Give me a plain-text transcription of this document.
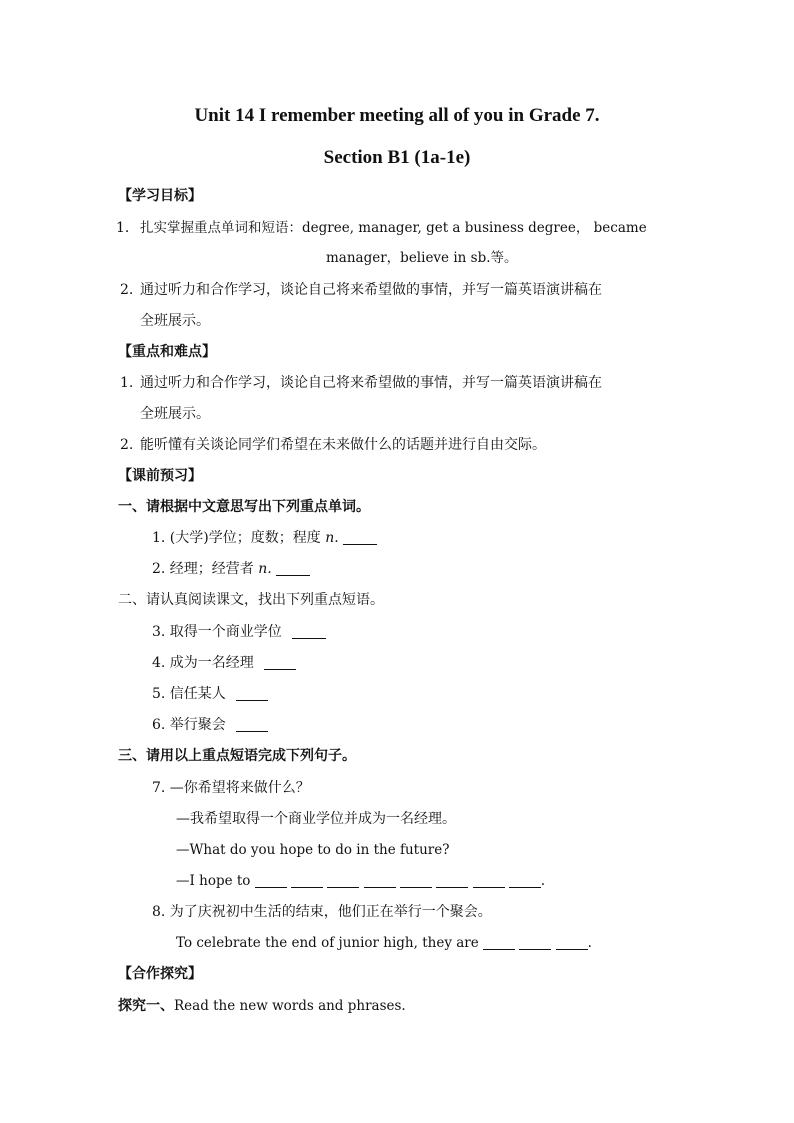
Unit 14 I remember meeting all of you in Grade 7.
Section B1 (1a-1e)
【学习目标】
1． 扎实掌握重点单词和短语：degree, manager, get a business degree， became
manager，believe in sb.等。
2. 通过听力和合作学习，谈论自己将来希望做的事情，并写一篇英语演讲稿在
全班展示。
【重点和难点】
1. 通过听力和合作学习，谈论自己将来希望做的事情，并写一篇英语演讲稿在
全班展示。
2. 能听懂有关谈论同学们希望在未来做什么的话题并进行自由交际。
【课前预习】
一、请根据中文意思写出下列重点单词。
1. (大学)学位；度数；程度 n.
2. 经理；经营者 n.
二、请认真阅读课文，找出下列重点短语。
3. 取得一个商业学位
4. 成为一名经理
5. 信任某人
6. 举行聚会
三、请用以上重点短语完成下列句子。
7. —你希望将来做什么？
—我希望取得一个商业学位并成为一名经理。
—What do you hope to do in the future?
—I hope to	.
8. 为了庆祝初中生活的结束，他们正在举行一个聚会。
To celebrate the end of junior high, they are	.
【合作探究】
探究一、Read the new words and phrases.
